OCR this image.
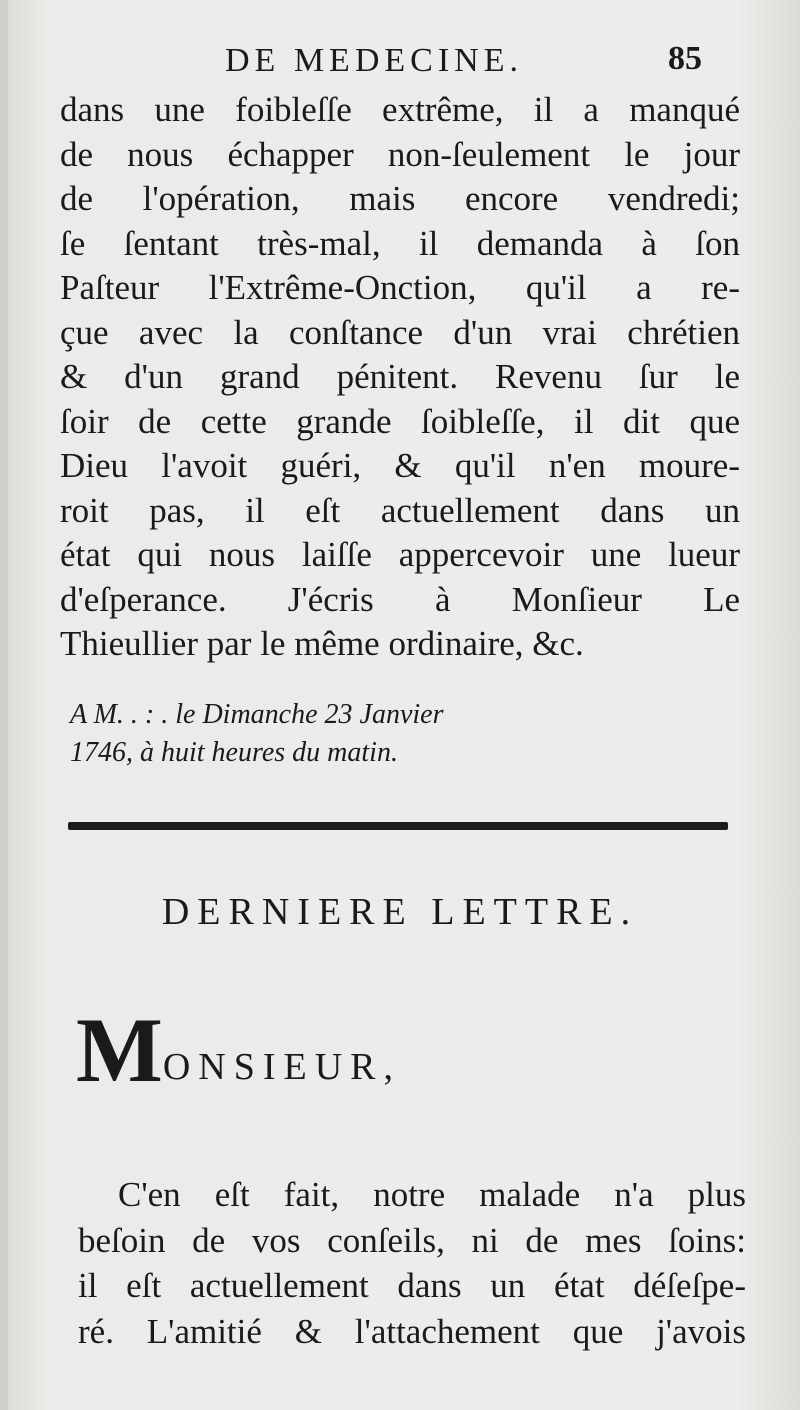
DE MEDECINE.	85
dans une foibleſſe extrême, il a manqué
de nous échapper non-ſeulement le jour
de l'opération, mais encore vendredi;
ſe ſentant très-mal, il demanda à ſon
Paſteur l'Extrême-Onction, qu'il a re-
çue avec la conſtance d'un vrai chrétien
& d'un grand pénitent. Revenu ſur le
ſoir de cette grande ſoibleſſe, il dit que
Dieu l'avoit guéri, & qu'il n'en moure-
roit pas, il eſt actuellement dans un
état qui nous laiſſe appercevoir une lueur
d'eſperance. J'écris à Monſieur Le
Thieullier par le même ordinaire, &c.
A M. . : . le Dimanche 23 Janvier
1746, à huit heures du matin.
DERNIERE LETTRE.
MONSIEUR,
C'en eſt fait, notre malade n'a plus
beſoin de vos conſeils, ni de mes ſoins:
il eſt actuellement dans un état déſeſpe-
ré. L'amitié & l'attachement que j'avois
